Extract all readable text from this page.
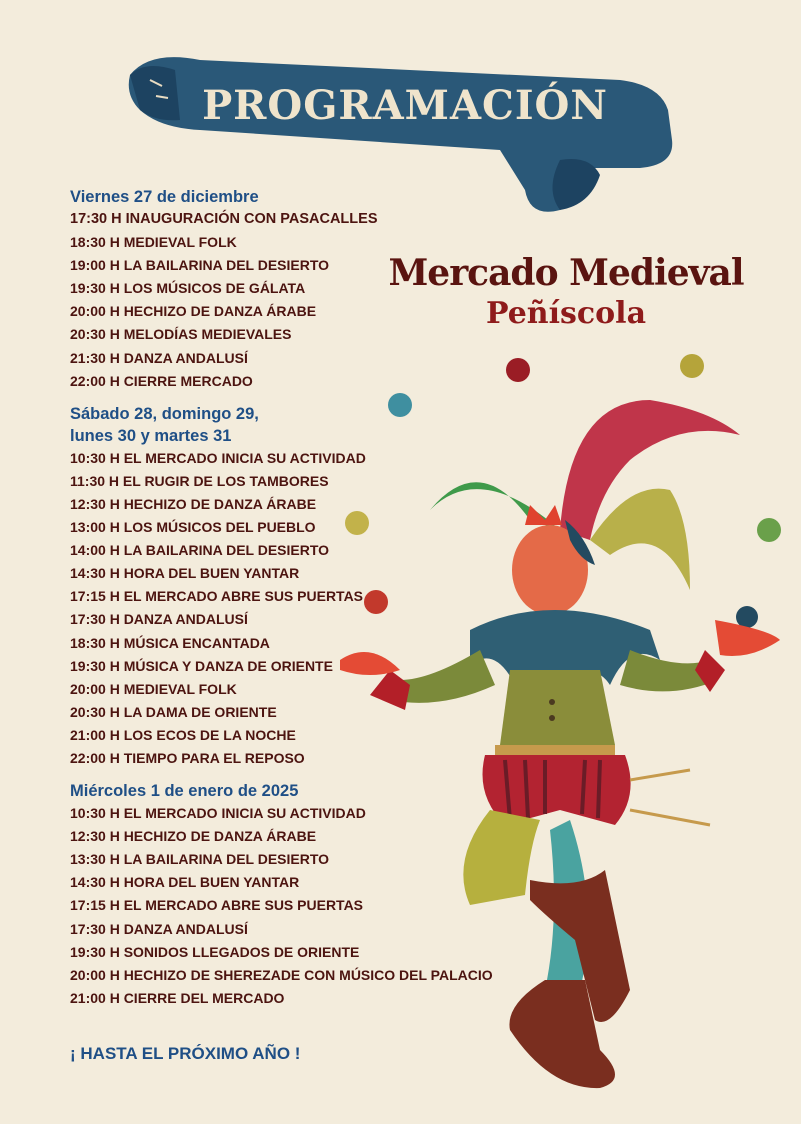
PROGRAMACIÓN
Mercado Medieval
Peñíscola
Viernes 27 de diciembre
17:30 H INAUGURACIÓN CON PASACALLES
18:30 H MEDIEVAL FOLK
19:00 H LA BAILARINA DEL DESIERTO
19:30 H LOS MÚSICOS DE GÁLATA
20:00 H HECHIZO DE DANZA ÁRABE
20:30 H MELODÍAS MEDIEVALES
21:30 H DANZA ANDALUSÍ
22:00 H CIERRE MERCADO
Sábado 28, domingo 29,
lunes 30 y martes 31
10:30 H EL MERCADO INICIA SU ACTIVIDAD
11:30 H EL RUGIR DE LOS TAMBORES
12:30 H HECHIZO DE DANZA ÁRABE
13:00 H LOS MÚSICOS DEL PUEBLO
14:00 H LA BAILARINA DEL DESIERTO
14:30 H HORA DEL BUEN YANTAR
17:15 H EL MERCADO ABRE SUS PUERTAS
17:30 H DANZA ANDALUSÍ
18:30 H MÚSICA ENCANTADA
19:30 H MÚSICA Y DANZA DE ORIENTE
20:00 H MEDIEVAL FOLK
20:30 H LA DAMA DE ORIENTE
21:00 H LOS ECOS DE LA NOCHE
22:00 H TIEMPO PARA EL REPOSO
Miércoles 1 de enero de 2025
10:30 H EL MERCADO INICIA SU ACTIVIDAD
12:30 H HECHIZO DE DANZA ÁRABE
13:30 H LA BAILARINA DEL DESIERTO
14:30 H HORA DEL BUEN YANTAR
17:15 H EL MERCADO ABRE SUS PUERTAS
17:30 H DANZA ANDALUSÍ
19:30 H SONIDOS LLEGADOS DE ORIENTE
20:00 H HECHIZO DE SHEREZADE CON MÚSICO DEL PALACIO
21:00 H CIERRE DEL MERCADO
¡ HASTA EL PRÓXIMO AÑO !
